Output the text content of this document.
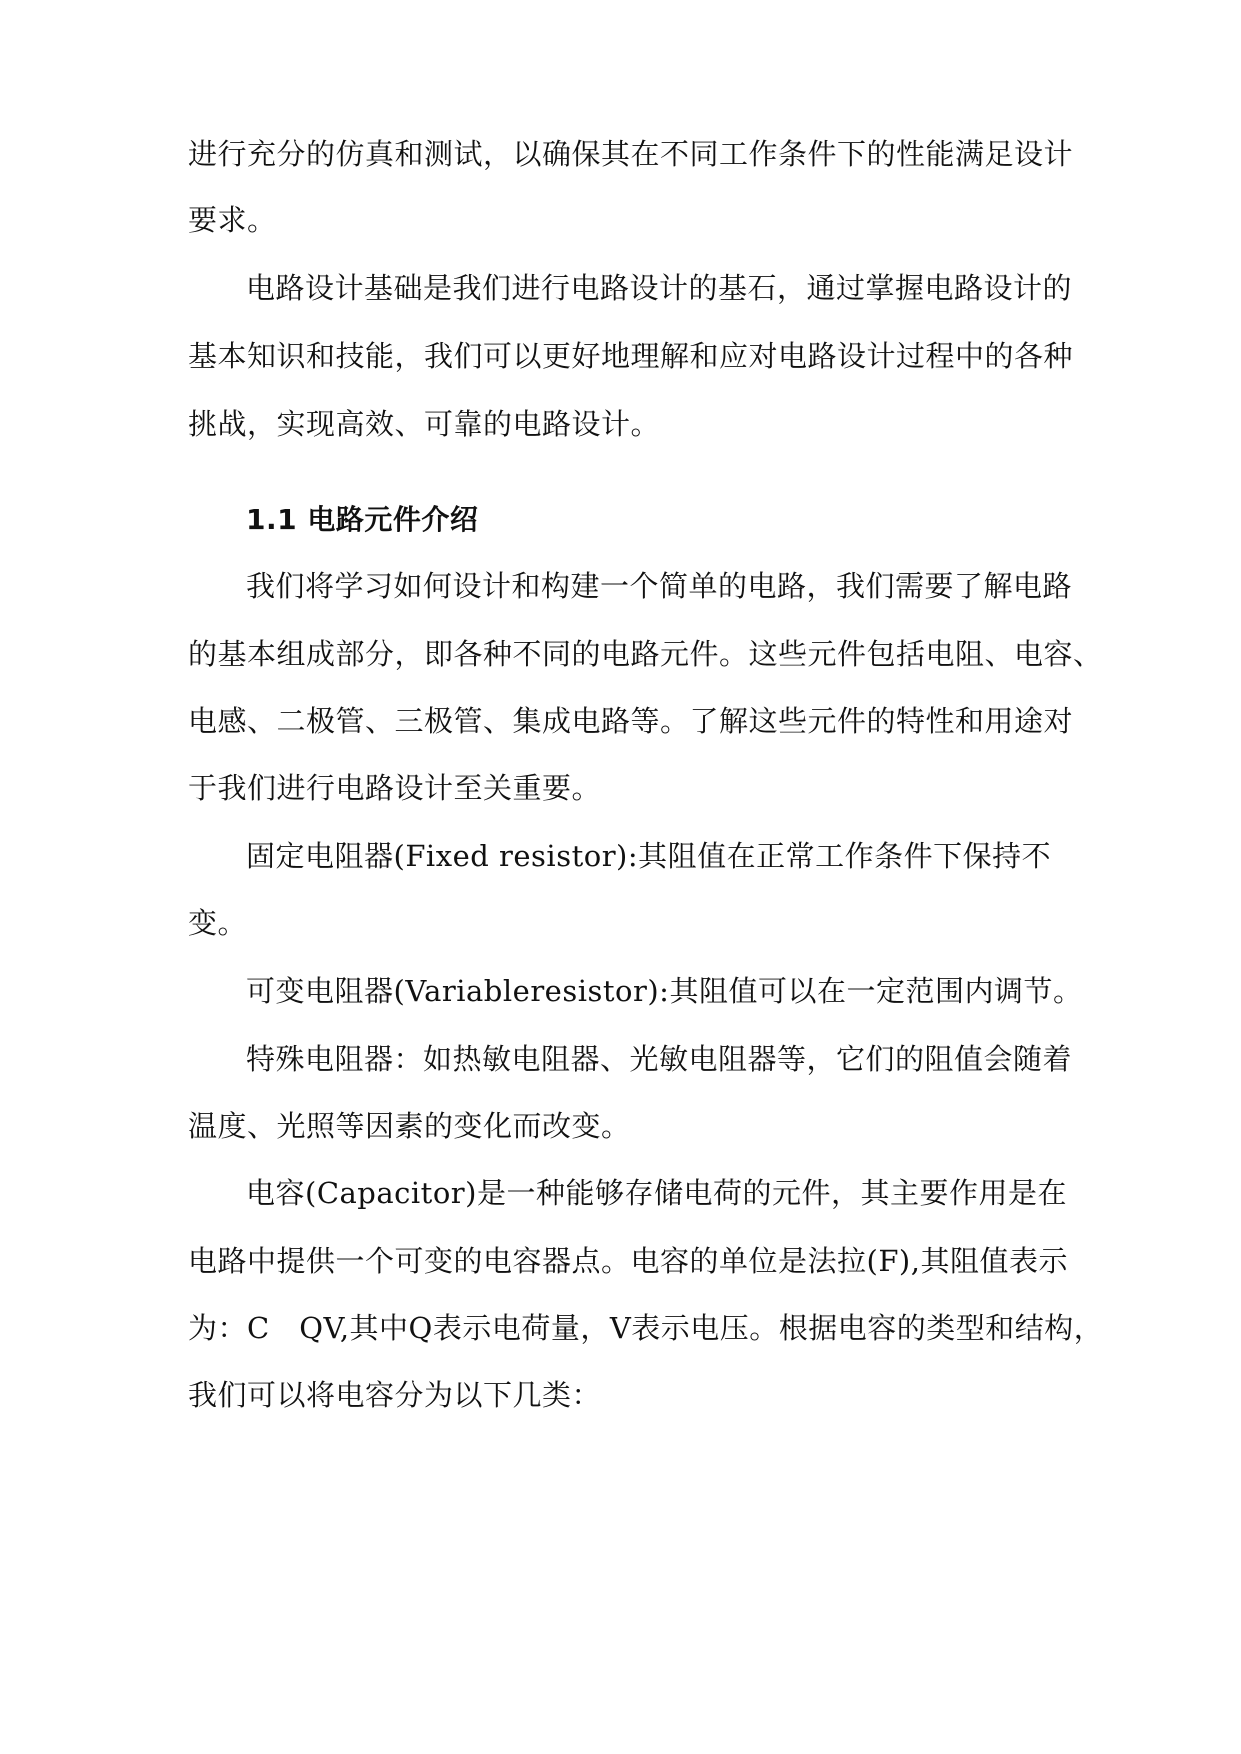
进行充分的仿真和测试，以确保其在不同工作条件下的性能满足设计
要求。
电路设计基础是我们进行电路设计的基石，通过掌握电路设计的
基本知识和技能，我们可以更好地理解和应对电路设计过程中的各种
挑战，实现高效、可靠的电路设计。
1.1 电路元件介绍
我们将学习如何设计和构建一个简单的电路，我们需要了解电路
的基本组成部分，即各种不同的电路元件。这些元件包括电阻、电容、
电感、二极管、三极管、集成电路等。了解这些元件的特性和用途对
于我们进行电路设计至关重要。
固定电阻器(Fixed resistor):其阻值在正常工作条件下保持不
变。
可变电阻器(Variableresistor):其阻值可以在一定范围内调节。
特殊电阻器：如热敏电阻器、光敏电阻器等，它们的阻值会随着
温度、光照等因素的变化而改变。
电容(Capacitor)是一种能够存储电荷的元件，其主要作用是在
电路中提供一个可变的电容器点。电容的单位是法拉(F),其阻值表示
为：C　QV,其中Q表示电荷量，V表示电压。根据电容的类型和结构，
我们可以将电容分为以下几类：
